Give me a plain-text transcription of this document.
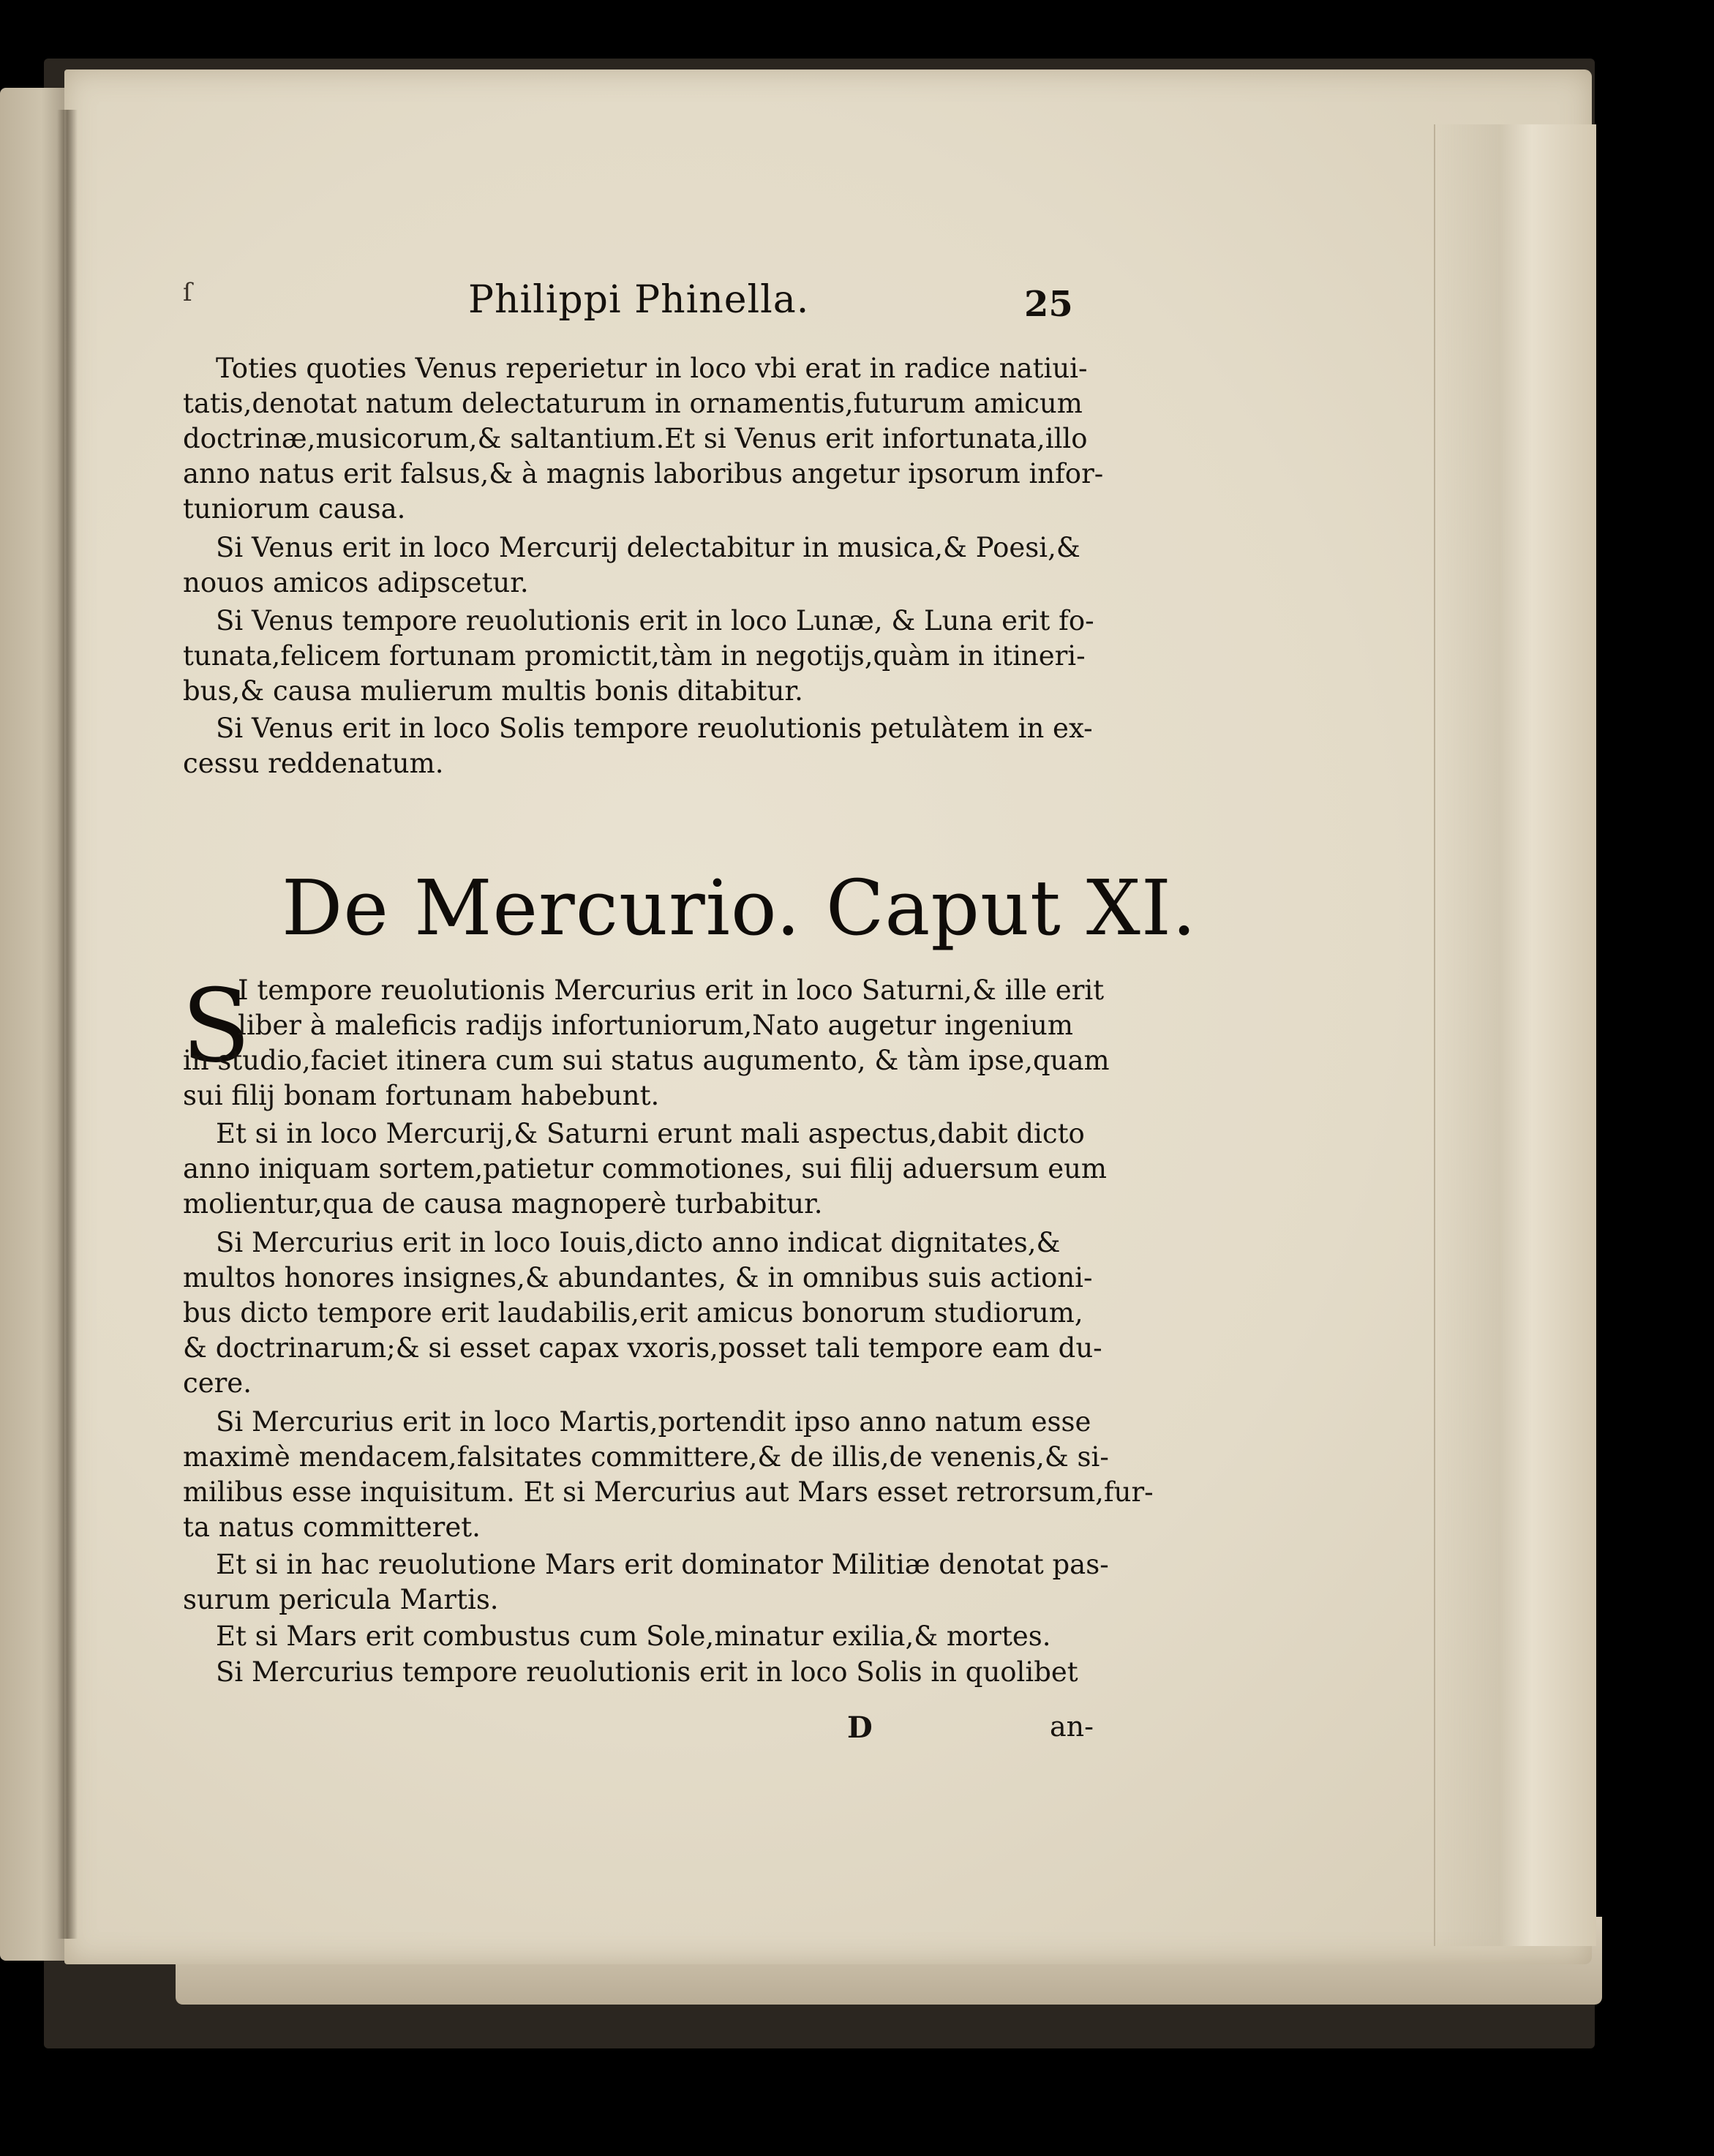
ſ	Philippi Phinella.	25
Toties quoties Venus reperietur in loco vbi erat in radice natiui-
tatis,denotat natum delectaturum in ornamentis,futurum amicum
doctrinæ,musicorum,& saltantium.Et si Venus erit infortunata,illo
anno natus erit falsus,& à magnis laboribus angetur ipsorum infor-
tuniorum causa.
Si Venus erit in loco Mercurij delectabitur in musica,& Poesi,&
nouos amicos adipscetur.
Si Venus tempore reuolutionis erit in loco Lunæ, & Luna erit fo-
tunata,felicem fortunam promictit,tàm in negotijs,quàm in itineri-
bus,& causa mulierum multis bonis ditabitur.
Si Venus erit in loco Solis tempore reuolutionis petulàtem in ex-
cessu reddenatum.
De Mercurio. Caput XI.
S
I tempore reuolutionis Mercurius erit in loco Saturni,& ille erit
liber à maleficis radijs infortuniorum,Nato augetur ingenium
in studio,faciet itinera cum sui status augumento, & tàm ipse,quam
sui filij bonam fortunam habebunt.
Et si in loco Mercurij,& Saturni erunt mali aspectus,dabit dicto
anno iniquam sortem,patietur commotiones, sui filij aduersum eum
molientur,qua de causa magnoperè turbabitur.
Si Mercurius erit in loco Iouis,dicto anno indicat dignitates,&
multos honores insignes,& abundantes, & in omnibus suis actioni-
bus dicto tempore erit laudabilis,erit amicus bonorum studiorum,
& doctrinarum;& si esset capax vxoris,posset tali tempore eam du-
cere.
Si Mercurius erit in loco Martis,portendit ipso anno natum esse
maximè mendacem,falsitates committere,& de illis,de venenis,& si-
milibus esse inquisitum. Et si Mercurius aut Mars esset retrorsum,fur-
ta natus committeret.
Et si in hac reuolutione Mars erit dominator Militiæ denotat pas-
surum pericula Martis.
Et si Mars erit combustus cum Sole,minatur exilia,& mortes.
Si Mercurius tempore reuolutionis erit in loco Solis in quolibet
D	an-
